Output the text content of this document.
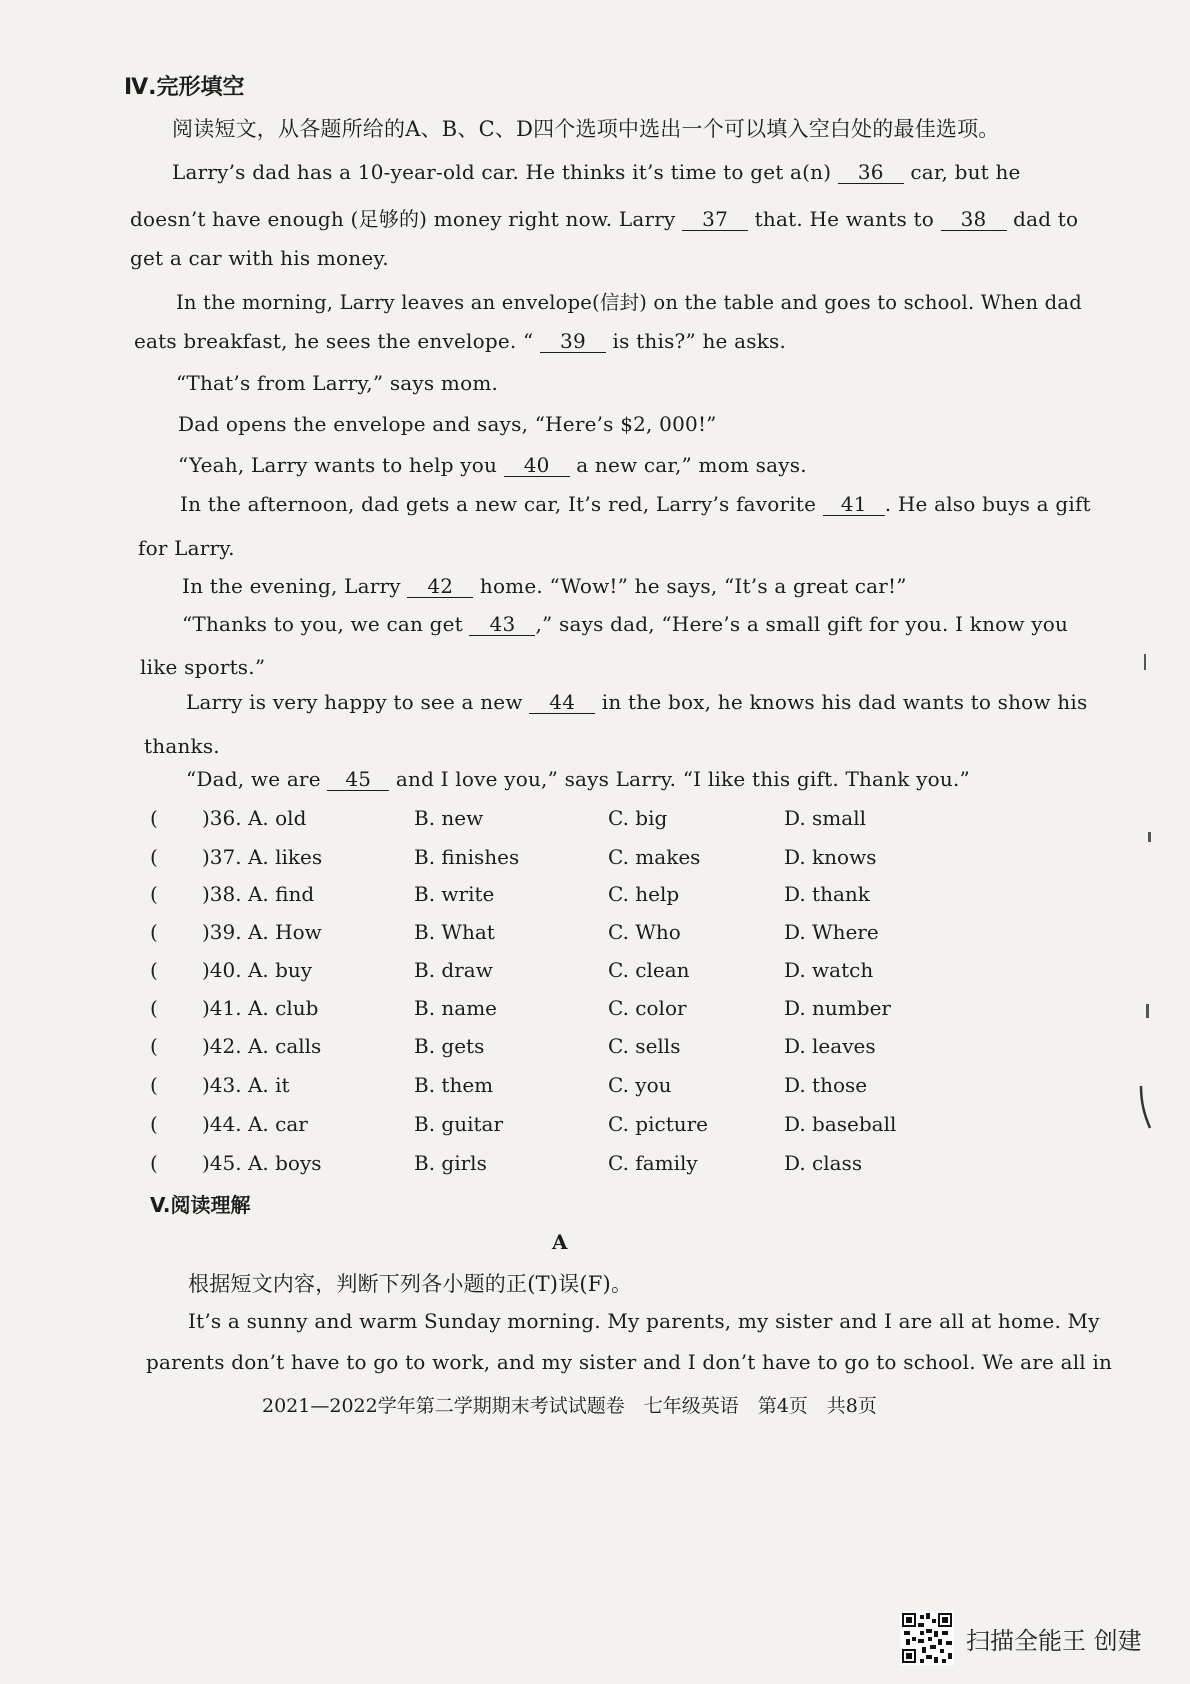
Ⅳ.完形填空
阅读短文，从各题所给的A、B、C、D四个选项中选出一个可以填入空白处的最佳选项。
Larry’s dad has a 10-year-old car. He thinks it’s time to get a(n) 36 car, but he
doesn’t have enough (足够的) money right now. Larry 37 that. He wants to 38 dad to
get a car with his money.
In the morning, Larry leaves an envelope(信封) on the table and goes to school. When dad
eats breakfast, he sees the envelope. “ 39 is this?” he asks.
“That’s from Larry,” says mom.
Dad opens the envelope and says, “Here’s $2, 000!”
“Yeah, Larry wants to help you 40 a new car,” mom says.
In the afternoon, dad gets a new car, It’s red, Larry’s favorite 41 . He also buys a gift
for Larry.
In the evening, Larry 42 home. “Wow!” he says, “It’s a great car!”
“Thanks to you, we can get 43 ,” says dad, “Here’s a small gift for you. I know you
like sports.”
Larry is very happy to see a new 44 in the box, he knows his dad wants to show his
thanks.
“Dad, we are 45 and I love you,” says Larry. “I like this gift. Thank you.”
( )36. A. old	B. new	C. big	D. small
( )37. A. likes	B. finishes	C. makes	D. knows
( )38. A. find	B. write	C. help	D. thank
( )39. A. How	B. What	C. Who	D. Where
( )40. A. buy	B. draw	C. clean	D. watch
( )41. A. club	B. name	C. color	D. number
( )42. A. calls	B. gets	C. sells	D. leaves
( )43. A. it	B. them	C. you	D. those
( )44. A. car	B. guitar	C. picture	D. baseball
( )45. A. boys	B. girls	C. family	D. class
V.阅读理解
A
根据短文内容，判断下列各小题的正(T)误(F)。
It’s a sunny and warm Sunday morning. My parents, my sister and I are all at home. My
parents don’t have to go to work, and my sister and I don’t have to go to school. We are all in
2021—2022学年第二学期期末考试试题卷　七年级英语　第4页　共8页
扫描全能王 创建
